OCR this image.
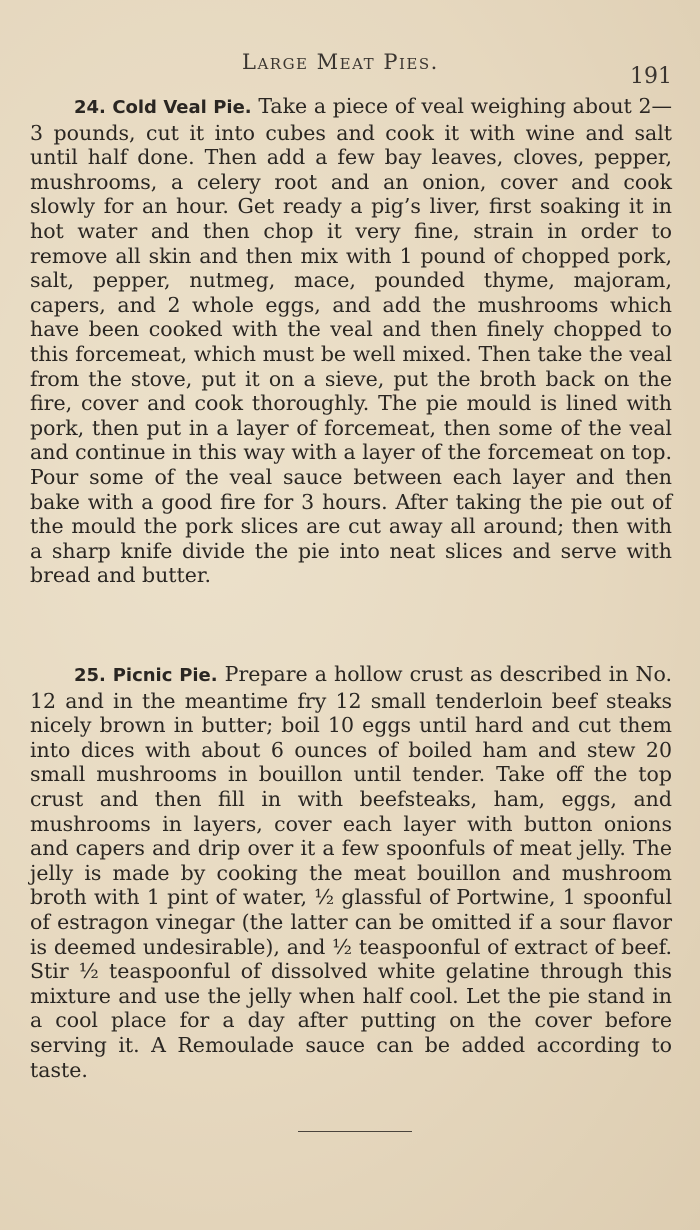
Large Meat Pies.
191

24. Cold Veal Pie. Take a piece of veal weighing about 2—3 pounds, cut it into cubes and cook it with wine and salt until half done. Then add a few bay leaves, cloves, pepper, mushrooms, a celery root and an onion, cover and cook slowly for an hour. Get ready a pig’s liver, first soaking it in hot water and then chop it very fine, strain in order to remove all skin and then mix with 1 pound of chopped pork, salt, pepper, nutmeg, mace, pounded thyme, majoram, capers, and 2 whole eggs, and add the mushrooms which have been cooked with the veal and then finely chopped to this forcemeat, which must be well mixed. Then take the veal from the stove, put it on a sieve, put the broth back on the fire, cover and cook thoroughly. The pie mould is lined with pork, then put in a layer of forcemeat, then some of the veal and continue in this way with a layer of the forcemeat on top. Pour some of the veal sauce between each layer and then bake with a good fire for 3 hours. After taking the pie out of the mould the pork slices are cut away all around; then with a sharp knife divide the pie into neat slices and serve with bread and butter.

25. Picnic Pie. Prepare a hollow crust as described in No. 12 and in the meantime fry 12 small tenderloin beef steaks nicely brown in butter; boil 10 eggs until hard and cut them into dices with about 6 ounces of boiled ham and stew 20 small mushrooms in bouillon until tender. Take off the top crust and then fill in with beefsteaks, ham, eggs, and mushrooms in layers, cover each layer with button onions and capers and drip over it a few spoonfuls of meat jelly. The jelly is made by cooking the meat bouillon and mushroom broth with 1 pint of water, ½ glassful of Portwine, 1 spoonful of estragon vinegar (the latter can be omitted if a sour flavor is deemed undesirable), and ½ teaspoonful of extract of beef. Stir ½ teaspoonful of dissolved white gelatine through this mixture and use the jelly when half cool. Let the pie stand in a cool place for a day after putting on the cover before serving it. A Remoulade sauce can be added according to taste.
